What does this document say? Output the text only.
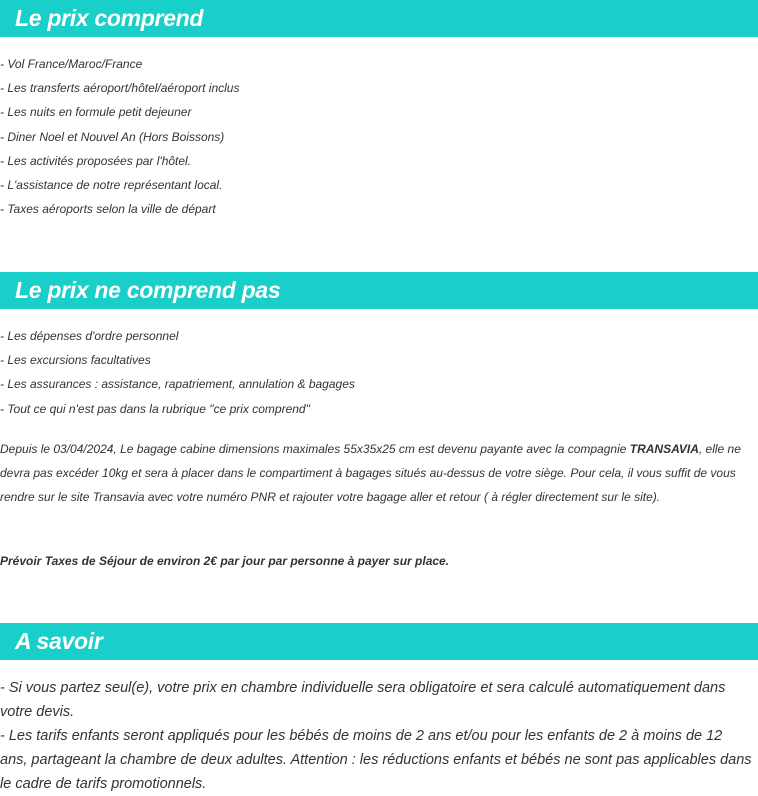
Le prix comprend
- Vol France/Maroc/France
- Les transferts aéroport/hôtel/aéroport inclus
- Les nuits en formule petit dejeuner
- Diner Noel et Nouvel An (Hors Boissons)
- Les activités proposées par l'hôtel.
- L'assistance de notre représentant local.
- Taxes aéroports selon la ville de départ
Le prix ne comprend pas
- Les dépenses d'ordre personnel
- Les excursions facultatives
- Les assurances : assistance, rapatriement, annulation & bagages
- Tout ce qui n'est pas dans la rubrique "ce prix comprend"

Depuis le 03/04/2024, Le bagage cabine dimensions maximales 55x35x25 cm est devenu payante avec la compagnie TRANSAVIA, elle ne devra pas excéder 10kg et sera à placer dans le compartiment à bagages situés au-dessus de votre siège. Pour cela, il vous suffit de vous rendre sur le site Transavia avec votre numéro PNR et rajouter votre bagage aller et retour ( à régler directement sur le site).

Prévoir Taxes de Séjour de environ 2€ par jour par personne à payer sur place.

A savoir

- Si vous partez seul(e), votre prix en chambre individuelle sera obligatoire et sera calculé automatiquement dans votre devis.

- Les tarifs enfants seront appliqués pour les bébés de moins de 2 ans et/ou pour les enfants de 2 à moins de 12 ans, partageant la chambre de deux adultes. Attention : les réductions enfants et bébés ne sont pas applicables dans le cadre de tarifs promotionnels.
